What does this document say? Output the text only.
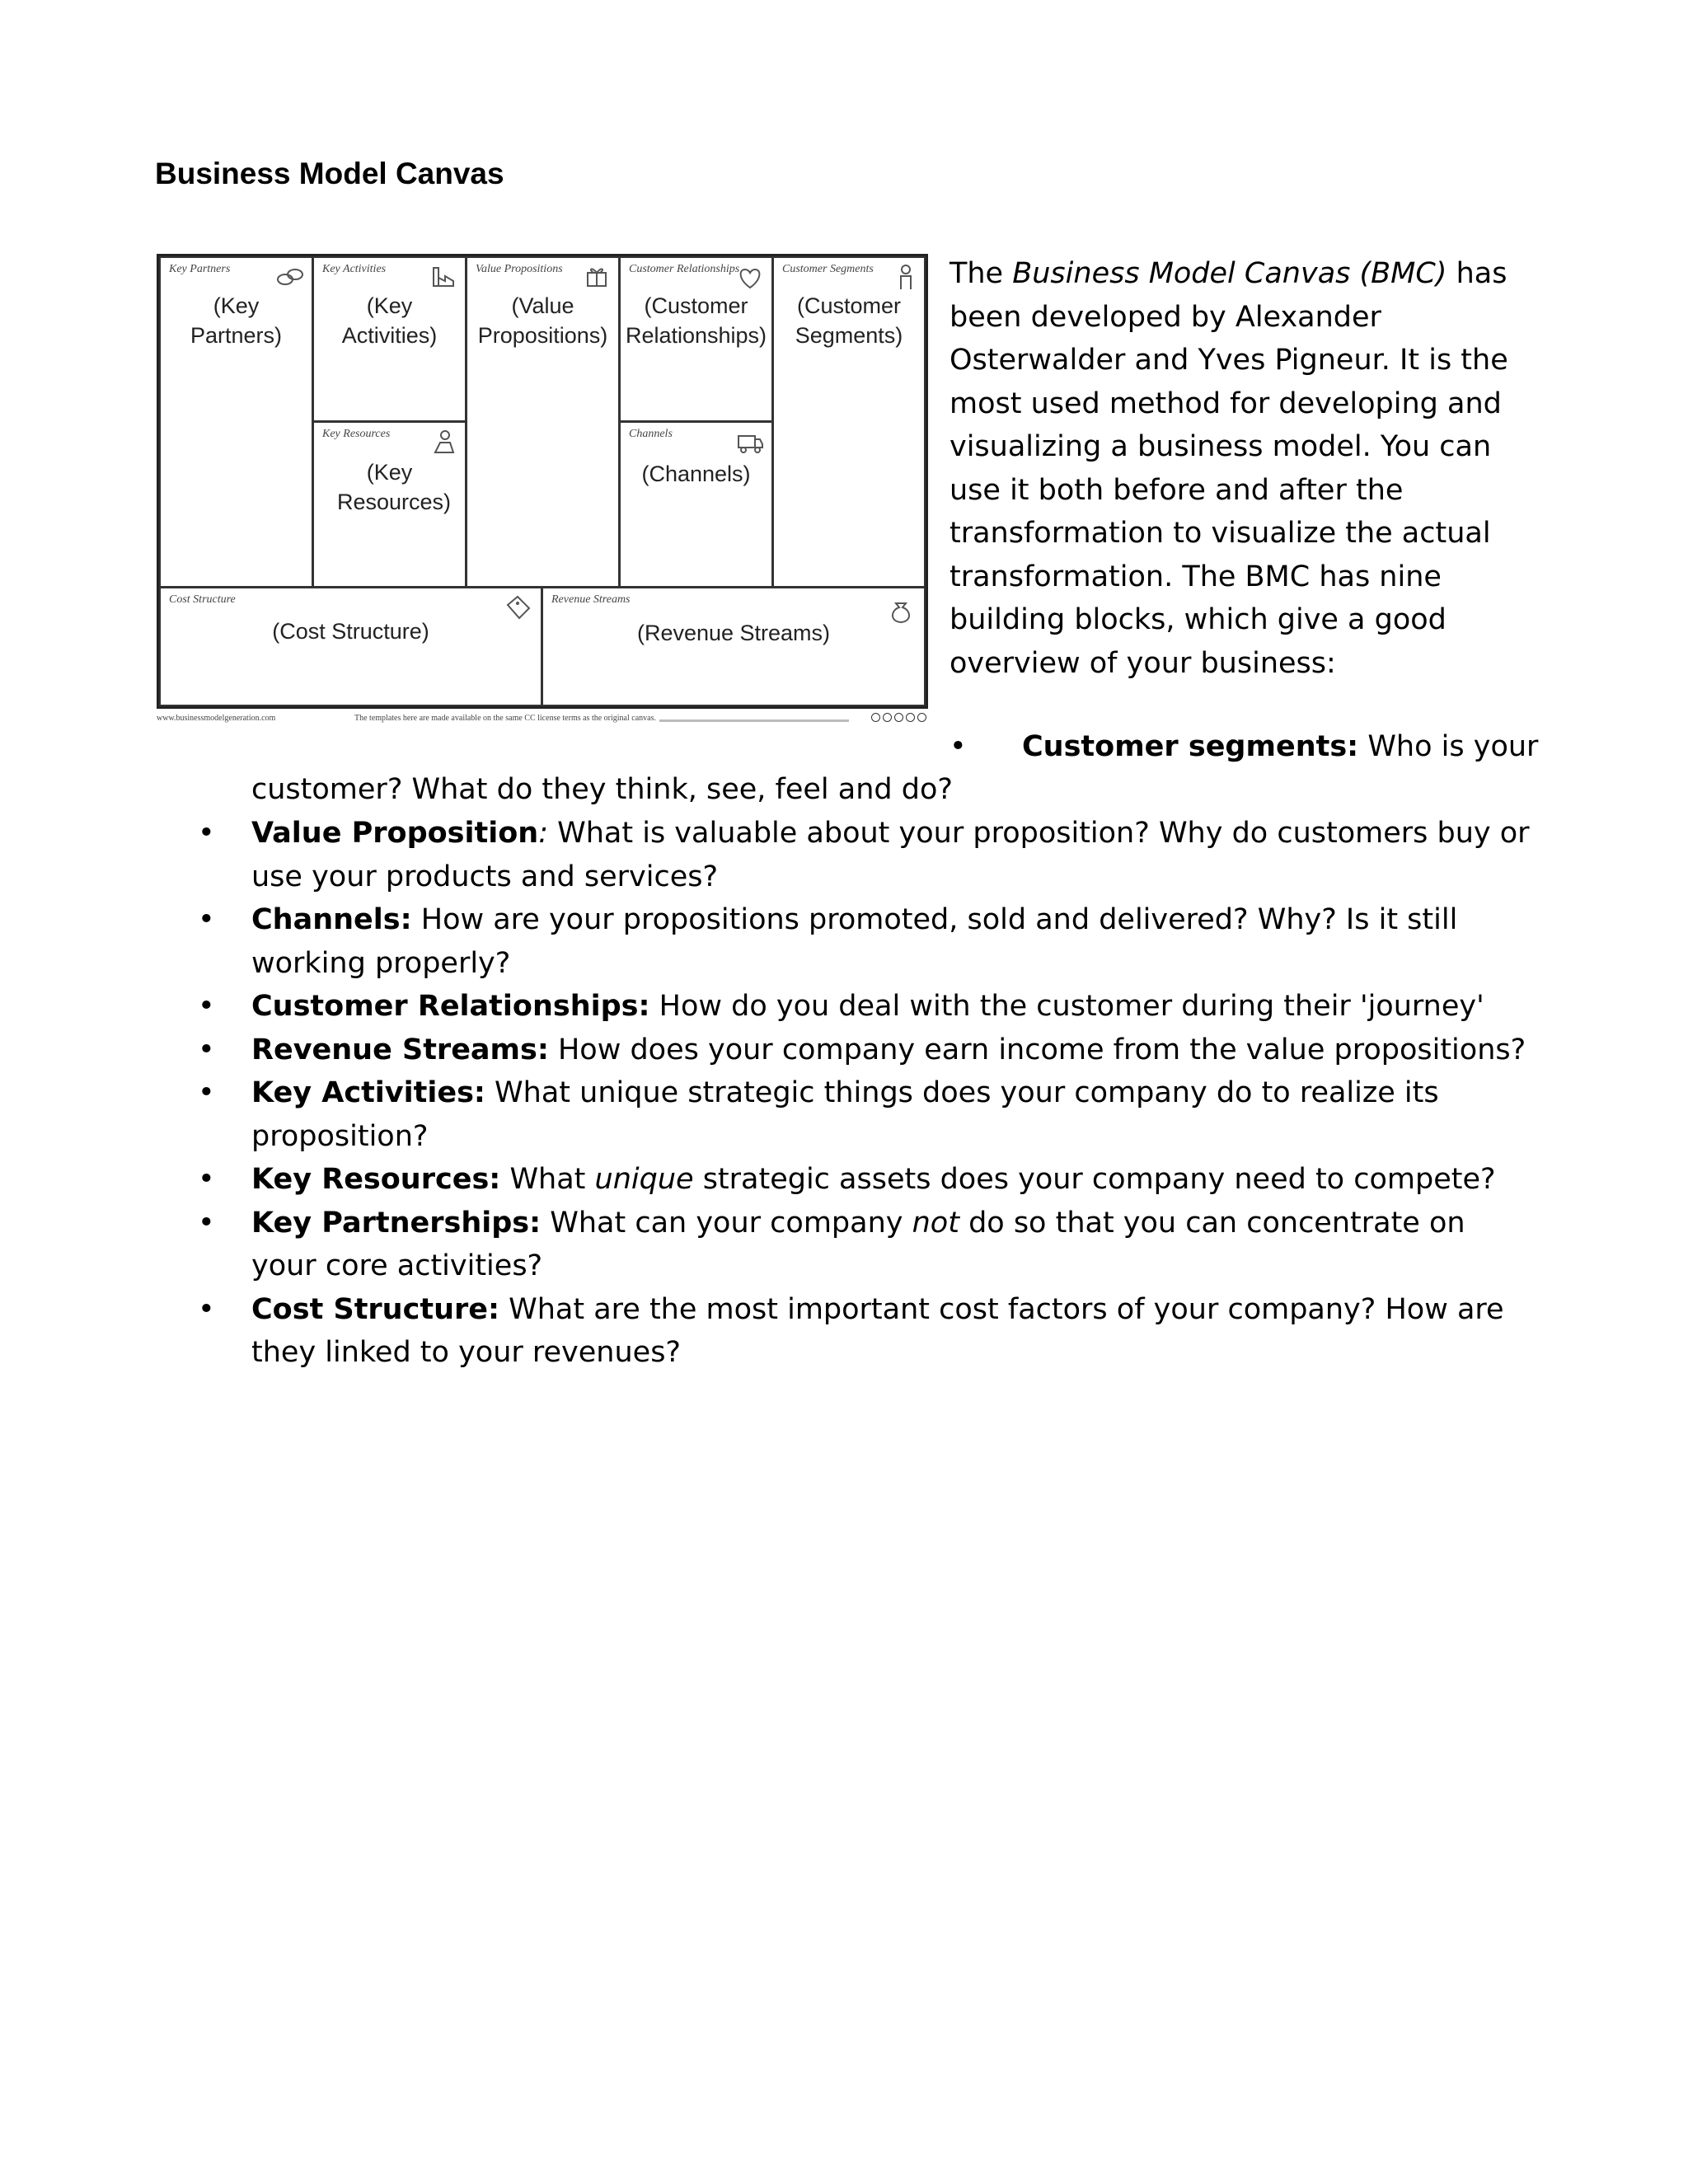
Business Model Canvas
Key Partners
(Key Partners)
Key Activities
(Key Activities)
Key Resources
(Key Resources)
Value Propositions
(Value Propositions)
Customer Relationships
(Customer Relationships)
Channels
(Channels)
Customer Segments
(Customer Segments)
Cost Structure
(Cost Structure)
Revenue Streams
(Revenue Streams)
www.businessmodelgeneration.com	The templates here are made available on the same CC license terms as the original canvas.

The Business Model Canvas (BMC) has been developed by Alexander Osterwalder and Yves Pigneur. It is the most used method for developing and visualizing a business model. You can use it both before and after the transformation to visualize the actual transformation. The BMC has nine building blocks, which give a good overview of your business:

• Customer segments: Who is your
customer? What do they think, see, feel and do?
• Value Proposition: What is valuable about your proposition? Why do customers buy or use your products and services?
• Channels: How are your propositions promoted, sold and delivered? Why? Is it still working properly?
• Customer Relationships: How do you deal with the customer during their 'journey'
• Revenue Streams: How does your company earn income from the value propositions?
• Key Activities: What unique strategic things does your company do to realize its proposition?
• Key Resources: What unique strategic assets does your company need to compete?
• Key Partnerships: What can your company not do so that you can concentrate on your core activities?
• Cost Structure: What are the most important cost factors of your company? How are they linked to your revenues?
